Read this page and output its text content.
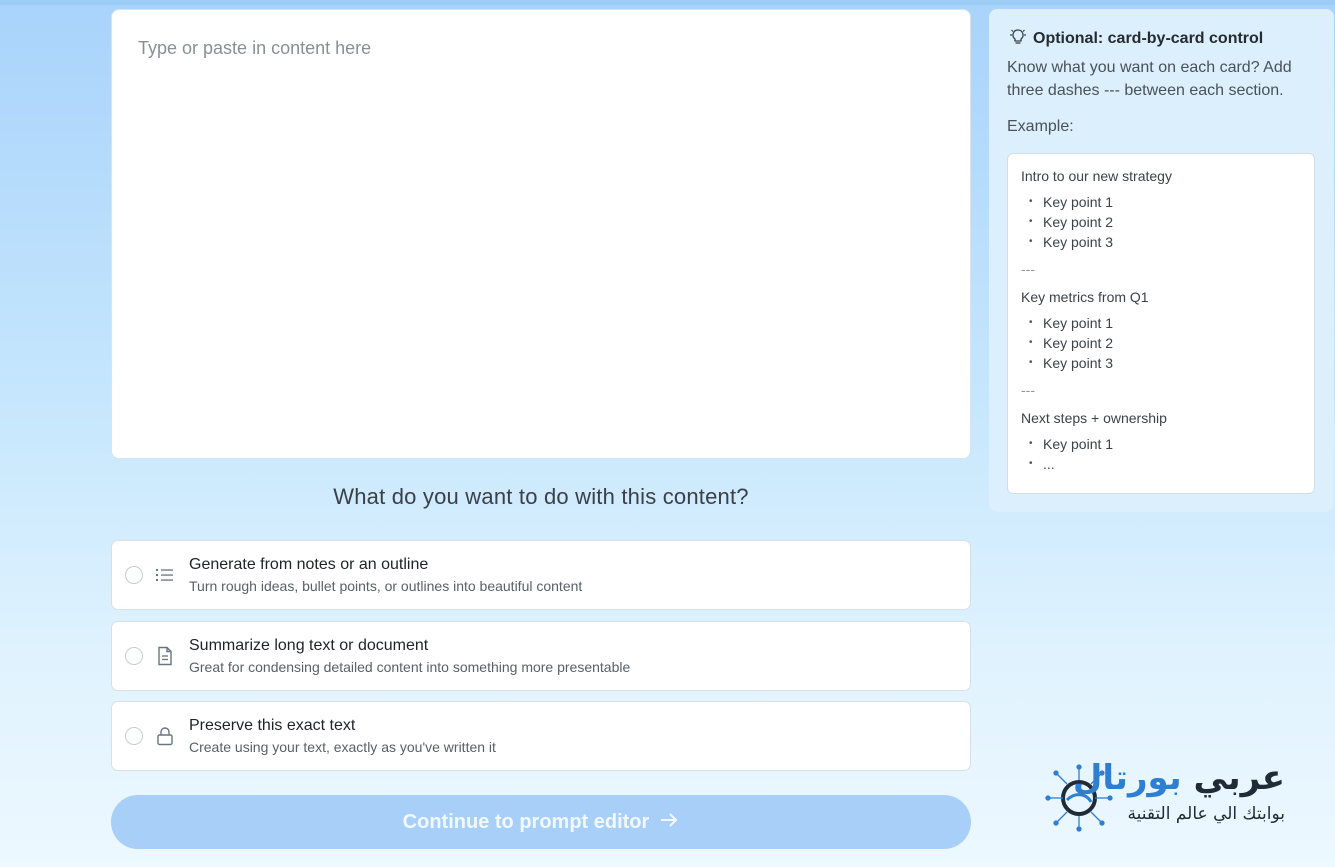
Type or paste in content here
What do you want to do with this content?
Generate from notes or an outline
Turn rough ideas, bullet points, or outlines into beautiful content
Summarize long text or document
Great for condensing detailed content into something more presentable
Preserve this exact text
Create using your text, exactly as you've written it
Continue to prompt editor
Optional: card-by-card control
Know what you want on each card? Add three dashes --- between each section.
Example:
Intro to our new strategy
• Key point 1
• Key point 2
• Key point 3
---
Key metrics from Q1
• Key point 1
• Key point 2
• Key point 3
---
Next steps + ownership
• Key point 1
• ...
عربي بورتال
بوابتك الي عالم التقنية
